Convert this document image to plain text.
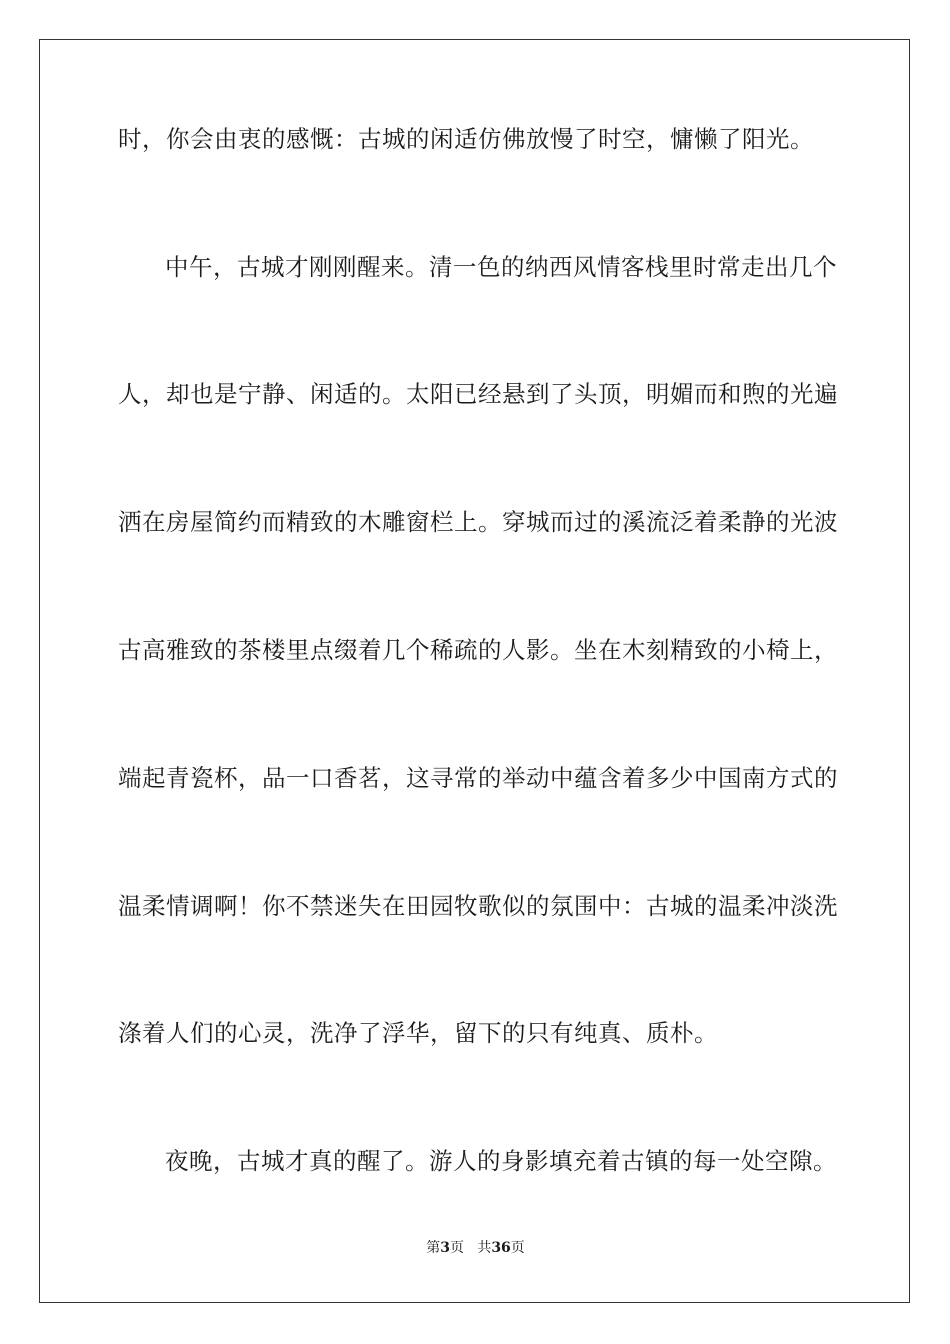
时，你会由衷的感慨：古城的闲适仿佛放慢了时空，慵懒了阳光。
中午，古城才刚刚醒来。清一色的纳西风情客栈里时常走出几个
人，却也是宁静、闲适的。太阳已经悬到了头顶，明媚而和煦的光遍
洒在房屋简约而精致的木雕窗栏上。穿城而过的溪流泛着柔静的光波
古高雅致的茶楼里点缀着几个稀疏的人影。坐在木刻精致的小椅上，
端起青瓷杯，品一口香茗，这寻常的举动中蕴含着多少中国南方式的
温柔情调啊！你不禁迷失在田园牧歌似的氛围中：古城的温柔冲淡洗
涤着人们的心灵，洗净了浮华，留下的只有纯真、质朴。
夜晚，古城才真的醒了。游人的身影填充着古镇的每一处空隙。
第3页 共36页
